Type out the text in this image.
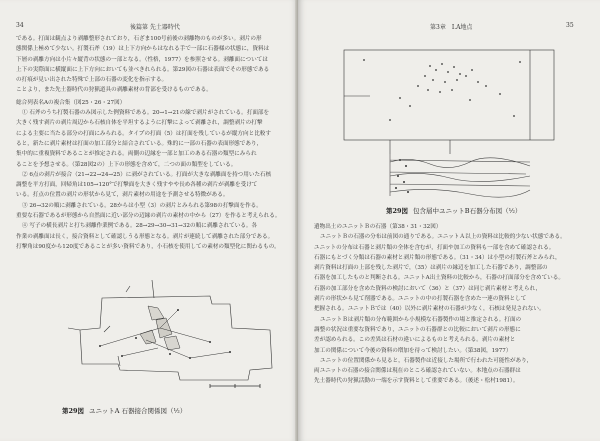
34	後篇第 先土器時代

である。打面は観点より剥離整形されており，石ざま100号前後の剥離物のものが多い。剥片の形

態関係上極めて少ない。打製石斧（19）は上下方向からはなれる手で一部に石器様の状態に，資料は

下層の剥離方向は小片々縦背の状態の一部となる。（性格，1977）を参照させる。剥離面については

上下の実際面に横縦面に上下方向においても並べきれられる。第29図の石器は表面でその形態である

の打痕が見い出された特殊で上部の石器の変化を指示する。

ことより，また先土器時代の狩猟道具の剥離素材の背部を受けるものである。

総合列表名Aの複合集（図25・26・27図）

① 石斧のうち打製石器のみ図示した例資料である。20→1→21の線で剥片がされている。打面部を

大きく残す剥片の剥片周辺から石核自体を平坦するように打撃によって剥離され，調整剥片の打撃

による主要に当たる部分の打面にみられる。タイプの打面（5）は打面を残しているが縦方向と比較す

ると，新たに剥片素材は打面の加工部分と結合されている。殊的に一部の石器の表面形態であり，

集中的に重複資料であることが推定される。両側の辺縁を一部と加工のある石器の類型にみられ

ることを予想させる。（第28図2の）上下の形態を含めて，二つの面の類型をしている。

② 6点の剥片が接合（21→22→24→25）に剥がされている。打面が大きな剥離面を持つ用いた石核

調整を平方打面，回帰角は105→120°で打撃面を大きく残すやや長め各種の剥片が剥離を受けて

いる。打点の位置の剥片の形状から見て，剥片素材の用途を予測させる特徴がある。

③ 26→32の順に剥離されている。28からは小型（3）の剥片とみられる第98の打撃面を作る。

重要な石器であるが形態から自然面に近い部分の辺縁の剥片の素材の中から（27）を作ると考えられる。

④ 写子の横長剥片と打ち剥離作業例である。28→29→30→31→32の順に剥離されている。各

作業の剥離面は長く，接合資料として確認しうる形態となる。剥片が連続して剥離された部分である。

打撃角は90度から120度であることが多い資料であり，小石核を使用しての素材の類型化に関わるもの。

第29図 ユニットA 石器接合関係図（½）
第3章　Ⅰ.A地点	35
第29図 包含層中ユニットB石器分布図（½）

遺物出土のユニットＢの石器（第38・31・32図）

ユニットＢの石器の分布は前図の通りである。ユニットＡ以上の資料は比較的少ない状態である。

ユニットの分布は石器と剥片類の全体を含むが，打面や加工の資料も一部を含めて確認される。

石器にもとづく分類は石器の素材と剥片類の形態である。（31・34）は小型の打製石斧とみられ，

剥片資料は打面の上部を残した剥片で，（35）は剥片の縁辺を加工した石器であり，調整部の

石器を加工したものと判断される。ユニットA出土資料の比較から，石器の打面部分を含めている。

石器の加工部分を含めた資料の検討において（36）と（37）は同じ剥片素材と考えられ，

剥片の形状から見て削器である。ユニットの中の打製石器を含めた一連の資料として

把握される。ユニットＢでは（40）以外に剥片素材の石器が少なく，石核は発見されない。

ユニットＢは剥片類の分布範囲から小規模な石器製作の場と推定される。打面の

調整の状況は重要な資料であり，ユニットの石器群との比較において剥片の形態に

差が認められる。この差異は石材の違いによるものと考えられる。剥片の素材と

加工の関係について今後の資料の増加を待って検討したい。（第38図，1977）

ユニットの位置関係から見ると，石器製作は近接した場所で行われた可能性があり，

両ユニットの石器の接合関係は現在のところ確認されていない。本地点の石器群は

先土器時代の狩猟活動の一端を示す資料として重要である。（後述・松村1981）。
